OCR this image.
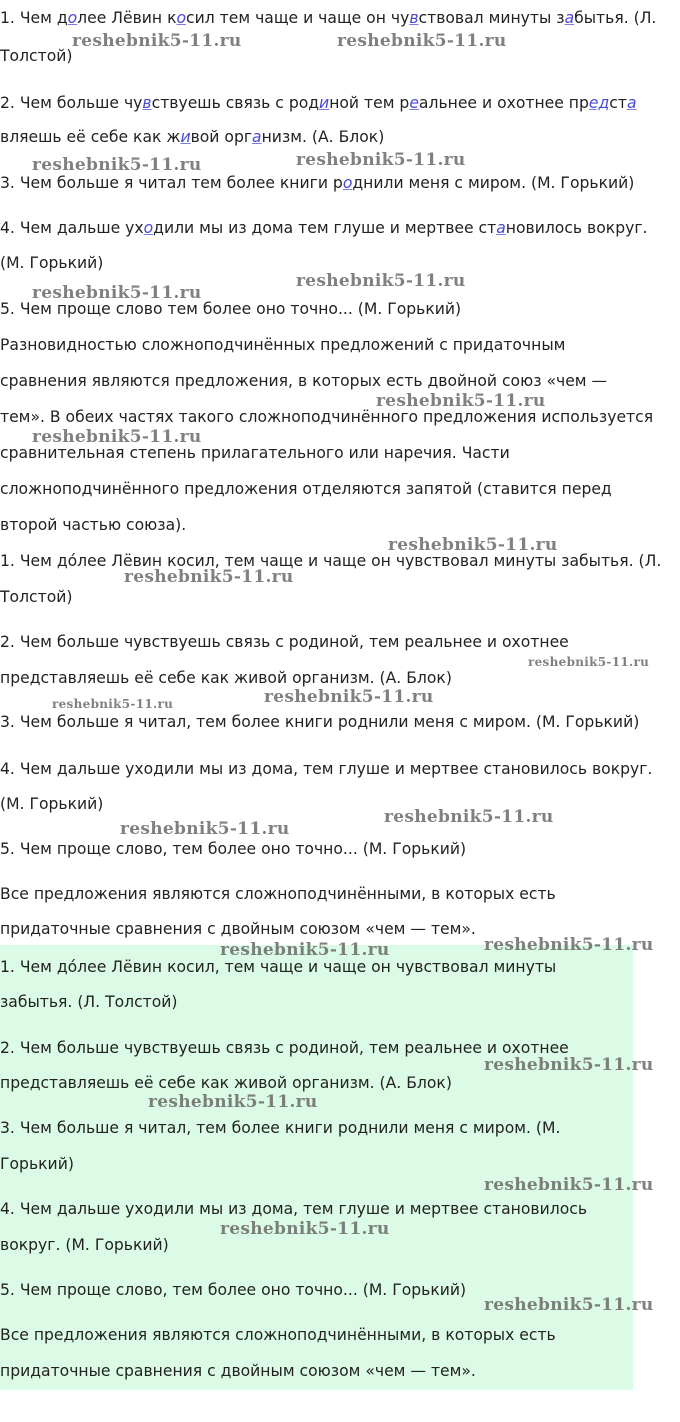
1. Чем долее Лёвин косил тем чаще и чаще он чувствовал минуты забытья. (Л.

Толстой)

2. Чем больше чувствуешь связь с родиной тем реальнее и охотнее предста

вляешь её себе как живой организм. (А. Блок)

3. Чем больше я читал тем более книги роднили меня с миром. (М. Горький)

4. Чем дальше уходили мы из дома тем глуше и мертвее становилось вокруг.

(М. Горький)

5. Чем проще слово тем более оно точно... (М. Горький)

Разновидностью сложноподчинённых предложений с придаточным

сравнения являются предложения, в которых есть двойной союз «чем —

тем». В обеих частях такого сложноподчинённого предложения используется

сравнительная степень прилагательного или наречия. Части

сложноподчинённого предложения отделяются запятой (ставится перед

второй частью союза).

1. Чем до́лее Лёвин косил, тем чаще и чаще он чувствовал минуты забытья. (Л.

Толстой)

2. Чем больше чувствуешь связь с родиной, тем реальнее и охотнее

представляешь её себе как живой организм. (А. Блок)

3. Чем больше я читал, тем более книги роднили меня с миром. (М. Горький)

4. Чем дальше уходили мы из дома, тем глуше и мертвее становилось вокруг.

(М. Горький)

5. Чем проще слово, тем более оно точно... (М. Горький)

Все предложения являются сложноподчинёнными, в которых есть

придаточные сравнения с двойным союзом «чем — тем».

1. Чем до́лее Лёвин косил, тем чаще и чаще он чувствовал минуты

забытья. (Л. Толстой)

2. Чем больше чувствуешь связь с родиной, тем реальнее и охотнее

представляешь её себе как живой организм. (А. Блок)

3. Чем больше я читал, тем более книги роднили меня с миром. (М.

Горький)

4. Чем дальше уходили мы из дома, тем глуше и мертвее становилось

вокруг. (М. Горький)

5. Чем проще слово, тем более оно точно... (М. Горький)

Все предложения являются сложноподчинёнными, в которых есть

придаточные сравнения с двойным союзом «чем — тем».

reshebnik5-11.ru	reshebnik5-11.ru
reshebnik5-11.ru	reshebnik5-11.ru
reshebnik5-11.ru
reshebnik5-11.ru
reshebnik5-11.ru
reshebnik5-11.ru
reshebnik5-11.ru
reshebnik5-11.ru
reshebnik5-11.ru
reshebnik5-11.ru
reshebnik5-11.ru
reshebnik5-11.ru
reshebnik5-11.ru
reshebnik5-11.ru	reshebnik5-11.ru
reshebnik5-11.ru
reshebnik5-11.ru
reshebnik5-11.ru
reshebnik5-11.ru
reshebnik5-11.ru
